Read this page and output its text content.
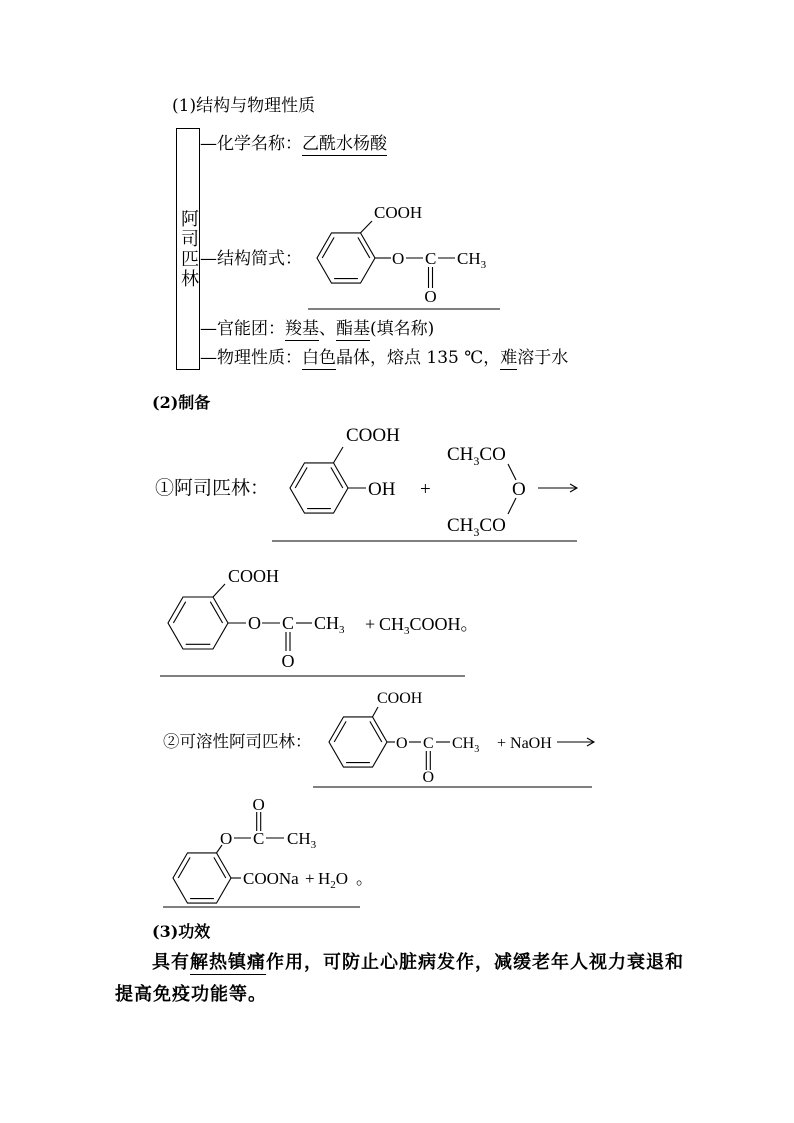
(1)结构与物理性质
阿司匹林
—化学名称：乙酰水杨酸
—结构简式：
—官能团：羧基、酯基(填名称)
—物理性质：白色晶体，熔点 135 ℃，难溶于水
(2)制备
①阿司匹林：
②可溶性阿司匹林：
(3)功效
具有解热镇痛作用，可防止心脏病发作，减缓老年人视力衰退和
提高免疫功能等。
COOH
O C $CH_3$
O
COOH
OH +
$CH_3CO$
O
$CH_3CO$
COOH
O C $CH_3$
O
+ $CH_3COOH$。
COOH
O C $CH_3$
O
+ NaOH
O C $CH_3$
O
COONa + $H_2O$ 。
